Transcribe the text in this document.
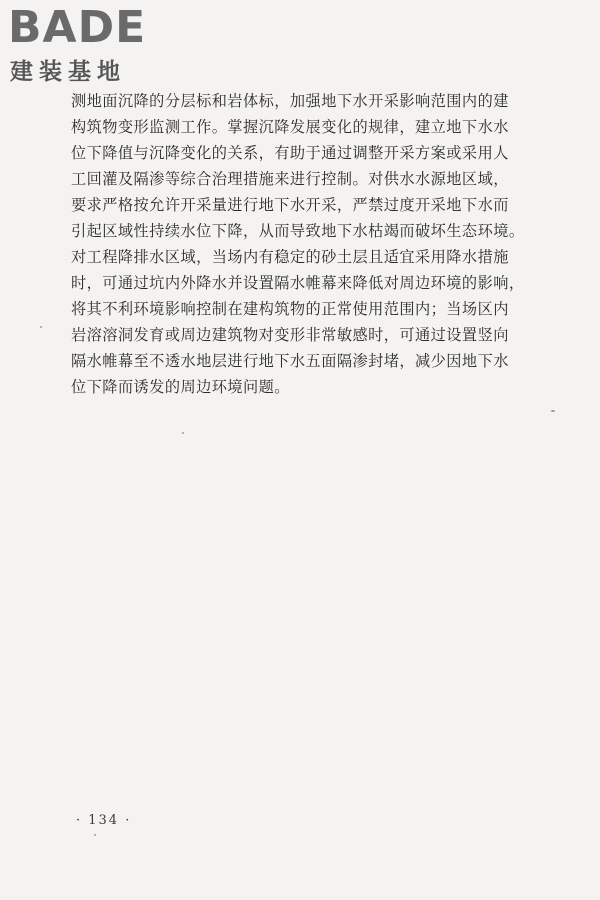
BADE
建装基地
测地面沉降的分层标和岩体标，加强地下水开采影响范围内的建
构筑物变形监测工作。掌握沉降发展变化的规律，建立地下水水
位下降值与沉降变化的关系，有助于通过调整开采方案或采用人
工回灌及隔渗等综合治理措施来进行控制。对供水水源地区域，
要求严格按允许开采量进行地下水开采，严禁过度开采地下水而
引起区域性持续水位下降，从而导致地下水枯竭而破坏生态环境。
对工程降排水区域，当场内有稳定的砂土层且适宜采用降水措施
时，可通过坑内外降水并设置隔水帷幕来降低对周边环境的影响，
将其不利环境影响控制在建构筑物的正常使用范围内；当场区内
岩溶溶洞发育或周边建筑物对变形非常敏感时，可通过设置竖向
隔水帷幕至不透水地层进行地下水五面隔渗封堵，减少因地下水
位下降而诱发的周边环境问题。
· 134 ·
